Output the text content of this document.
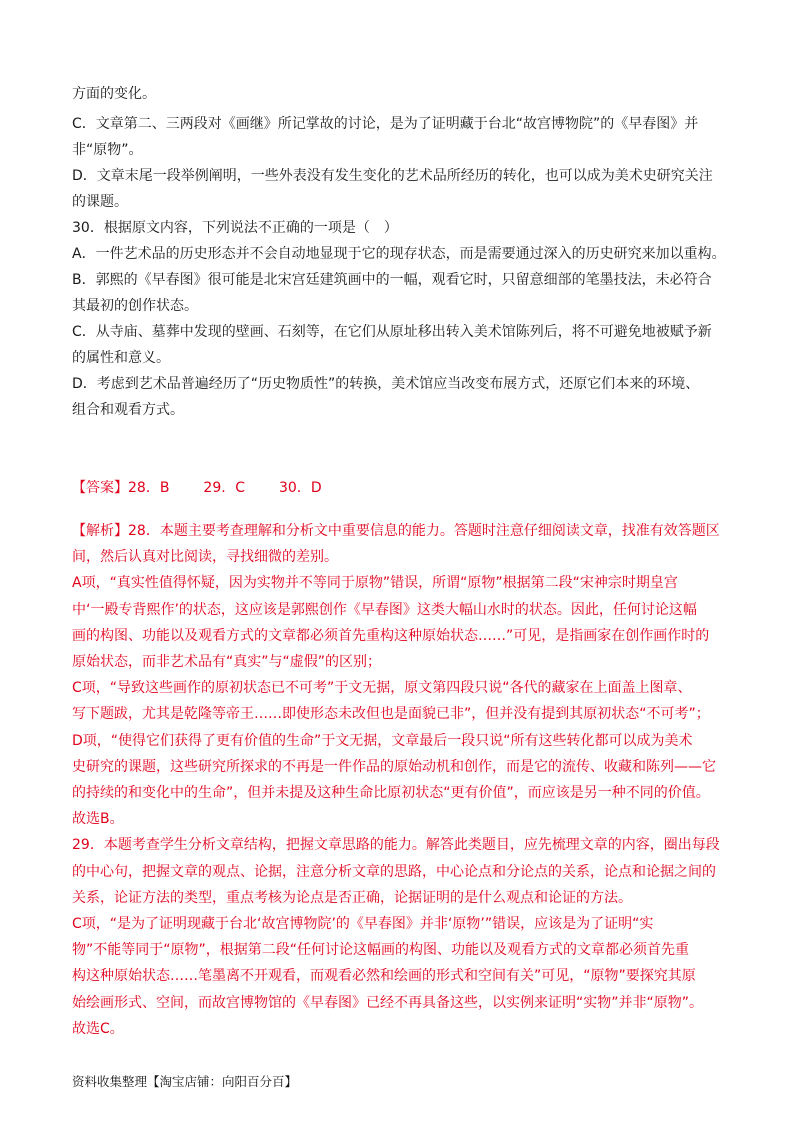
方面的变化。

C．文章第二、三两段对《画继》所记掌故的讨论，是为了证明藏于台北“故宫博物院”的《早春图》并

非“原物”。

D．文章末尾一段举例阐明，一些外表没有发生变化的艺术品所经历的转化，也可以成为美术史研究关注

的课题。

30．根据原文内容，下列说法不正确的一项是（　）

A．一件艺术品的历史形态并不会自动地显现于它的现存状态，而是需要通过深入的历史研究来加以重构。

B．郭熙的《早春图》很可能是北宋宫廷建筑画中的一幅，观看它时，只留意细部的笔墨技法，未必符合

其最初的创作状态。

C．从寺庙、墓葬中发现的壁画、石刻等，在它们从原址移出转入美术馆陈列后，将不可避免地被赋予新

的属性和意义。

D．考虑到艺术品普遍经历了“历史物质性”的转换，美术馆应当改变布展方式，还原它们本来的环境、

组合和观看方式。

【答案】28．B 29．C 30．D

【解析】28．本题主要考查理解和分析文中重要信息的能力。答题时注意仔细阅读文章，找准有效答题区

间，然后认真对比阅读，寻找细微的差别。

A项，“真实性值得怀疑，因为实物并不等同于原物”错误，所谓“原物”根据第二段“宋神宗时期皇宫

中‘一殿专背熙作’的状态，这应该是郭熙创作《早春图》这类大幅山水时的状态。因此，任何讨论这幅

画的构图、功能以及观看方式的文章都必须首先重构这种原始状态……”可见，是指画家在创作画作时的

原始状态，而非艺术品有“真实”与“虚假”的区别；

C项，“导致这些画作的原初状态已不可考”于文无据，原文第四段只说“各代的藏家在上面盖上图章、

写下题跋，尤其是乾隆等帝王……即使形态未改但也是面貌已非”，但并没有提到其原初状态“不可考”；

D项，“使得它们获得了更有价值的生命”于文无据，文章最后一段只说“所有这些转化都可以成为美术

史研究的课题，这些研究所探求的不再是一件作品的原始动机和创作，而是它的流传、收藏和陈列——它

的持续的和变化中的生命”，但并未提及这种生命比原初状态“更有价值”，而应该是另一种不同的价值。

故选B。

29．本题考查学生分析文章结构，把握文章思路的能力。解答此类题目，应先梳理文章的内容，圈出每段

的中心句，把握文章的观点、论据，注意分析文章的思路，中心论点和分论点的关系，论点和论据之间的

关系，论证方法的类型，重点考核为论点是否正确，论据证明的是什么观点和论证的方法。

C项，“是为了证明现藏于台北‘故宫博物院’的《早春图》并非‘原物’”错误，应该是为了证明“实

物”不能等同于“原物”，根据第二段“任何讨论这幅画的构图、功能以及观看方式的文章都必须首先重

构这种原始状态……笔墨离不开观看，而观看必然和绘画的形式和空间有关”可见，“原物”要探究其原

始绘画形式、空间，而故宫博物馆的《早春图》已经不再具备这些，以实例来证明“实物”并非“原物”。

故选C。

资料收集整理【淘宝店铺：向阳百分百】
